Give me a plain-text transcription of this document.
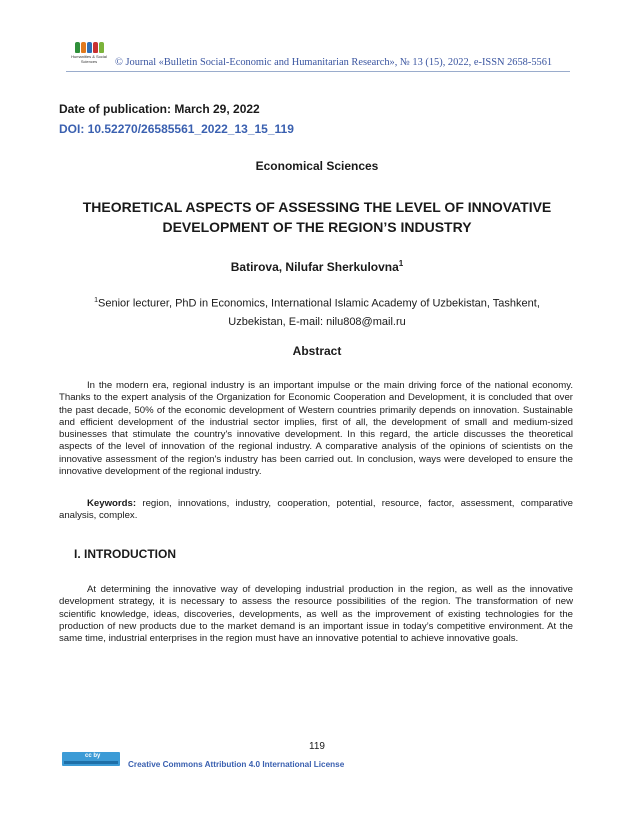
Humanities & Social Sciences	© Journal «Bulletin Social-Economic and Humanitarian Research», № 13 (15), 2022, e-ISSN 2658-5561
Date of publication: March 29, 2022
DOI: 10.52270/26585561_2022_13_15_119
Economical Sciences
THEORETICAL ASPECTS OF ASSESSING THE LEVEL OF INNOVATIVE DEVELOPMENT OF THE REGION’S INDUSTRY
Batirova, Nilufar Sherkulovna$^1$
$^1$Senior lecturer, PhD in Economics, International Islamic Academy of Uzbekistan, Tashkent, Uzbekistan, E-mail: nilu808@mail.ru
Abstract
In the modern era, regional industry is an important impulse or the main driving force of the national economy. Thanks to the expert analysis of the Organization for Economic Cooperation and Development, it is concluded that over the past decade, 50% of the economic development of Western countries primarily depends on innovation. Sustainable and efficient development of the industrial sector implies, first of all, the development of small and medium-sized businesses that stimulate the country's innovative development. In this regard, the article discusses the theoretical aspects of the level of innovation of the regional industry. A comparative analysis of the opinions of scientists on the innovative assessment of the region's industry has been carried out. In conclusion, ways were developed to ensure the innovative development of the regional industry.
Keywords: region, innovations, industry, cooperation, potential, resource, factor, assessment, comparative analysis, complex.
I. INTRODUCTION
At determining the innovative way of developing industrial production in the region, as well as the innovative development strategy, it is necessary to assess the resource possibilities of the region. The transformation of new scientific knowledge, ideas, discoveries, developments, as well as the improvement of existing technologies for the production of new products due to the market demand is an important issue in today’s competitive environment. At the same time, industrial enterprises in the region must have an innovative potential to achieve innovative goals.
119
cc by
Creative Commons Attribution 4.0 International License
